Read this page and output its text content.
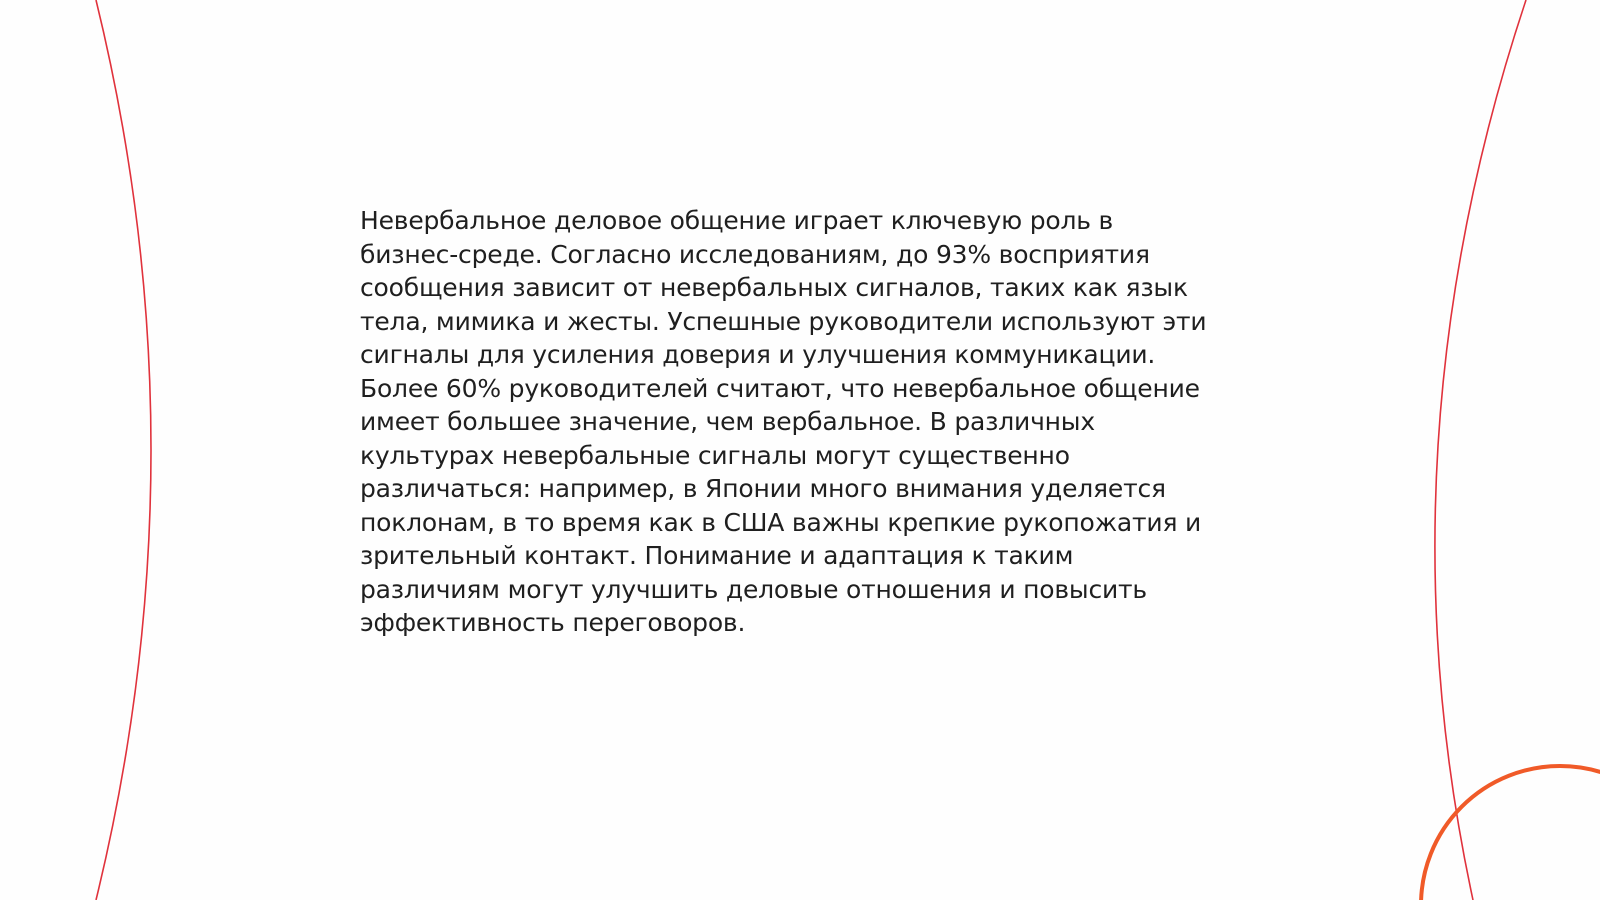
Невербальное деловое общение играет ключевую роль в
бизнес-среде. Согласно исследованиям, до 93% восприятия
сообщения зависит от невербальных сигналов, таких как язык
тела, мимика и жесты. Успешные руководители используют эти
сигналы для усиления доверия и улучшения коммуникации.
Более 60% руководителей считают, что невербальное общение
имеет большее значение, чем вербальное. В различных
культурах невербальные сигналы могут существенно
различаться: например, в Японии много внимания уделяется
поклонам, в то время как в США важны крепкие рукопожатия и
зрительный контакт. Понимание и адаптация к таким
различиям могут улучшить деловые отношения и повысить
эффективность переговоров.
